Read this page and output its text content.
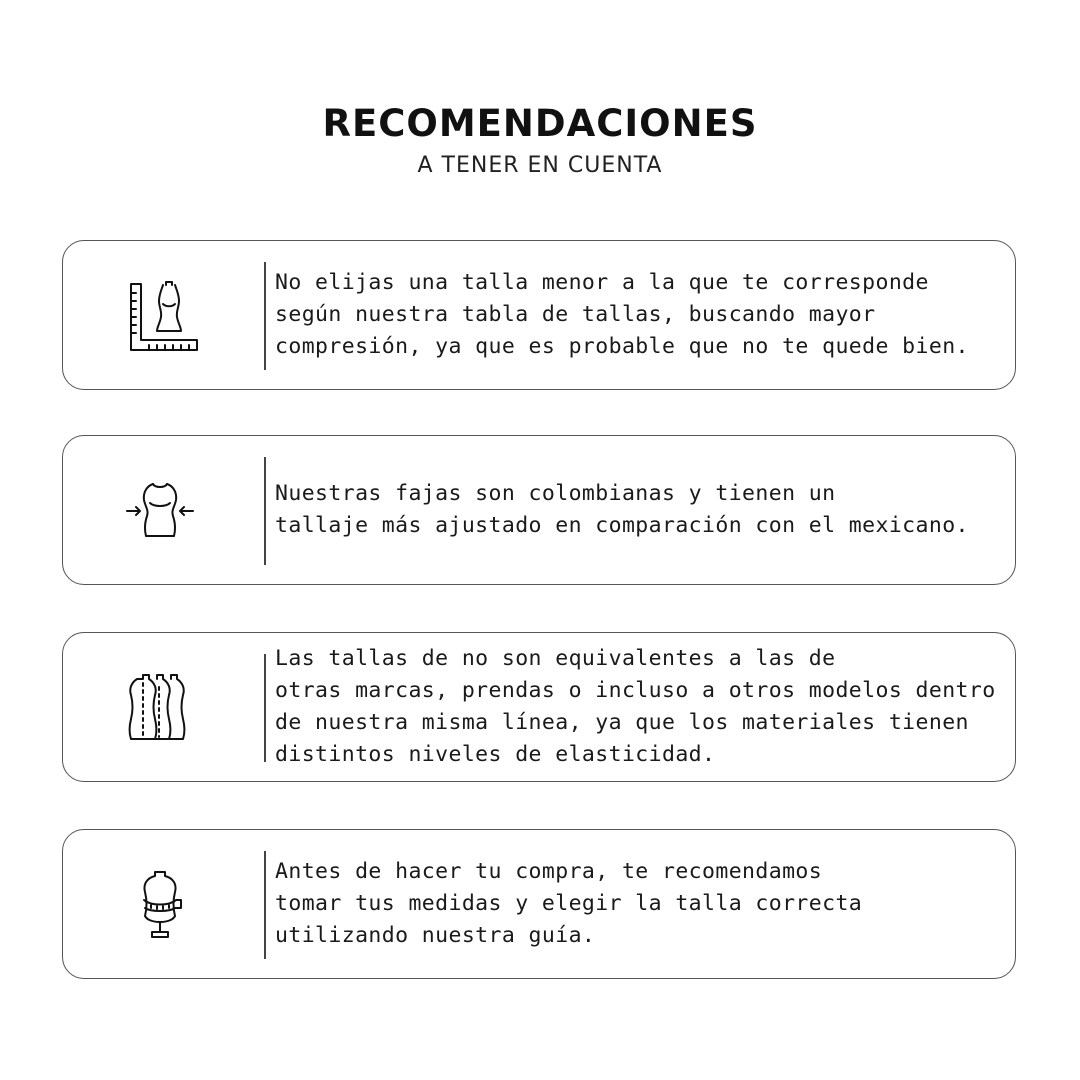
RECOMENDACIONES
A TENER EN CUENTA
No elijas una talla menor a la que te corresponde
según nuestra tabla de tallas, buscando mayor
compresión, ya que es probable que no te quede bien.
Nuestras fajas son colombianas y tienen un
tallaje más ajustado en comparación con el mexicano.
Las tallas de no son equivalentes a las de
otras marcas, prendas o incluso a otros modelos dentro
de nuestra misma línea, ya que los materiales tienen
distintos niveles de elasticidad.
Antes de hacer tu compra, te recomendamos
tomar tus medidas y elegir la talla correcta
utilizando nuestra guía.
